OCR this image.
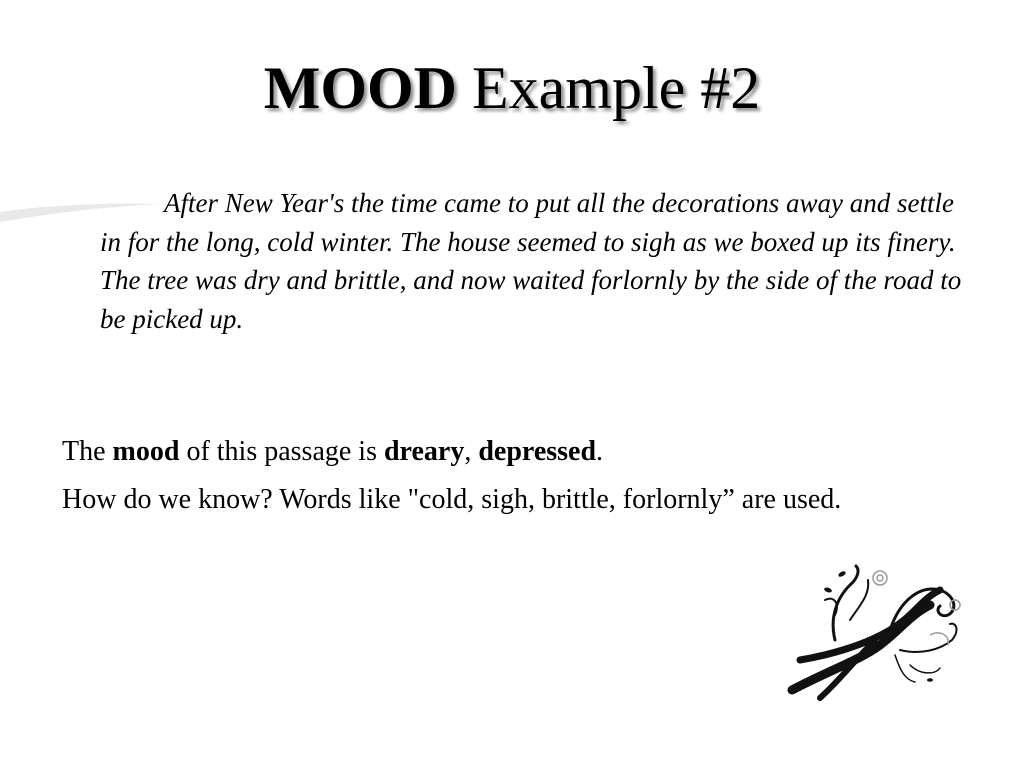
MOOD Example #2
After New Year's the time came to put all the decorations away and settle in for the long, cold winter. The house seemed to sigh as we boxed up its finery. The tree was dry and brittle, and now waited forlornly by the side of the road to be picked up.
The mood of this passage is dreary, depressed.
How do we know? Words like "cold, sigh, brittle, forlornly” are used.
